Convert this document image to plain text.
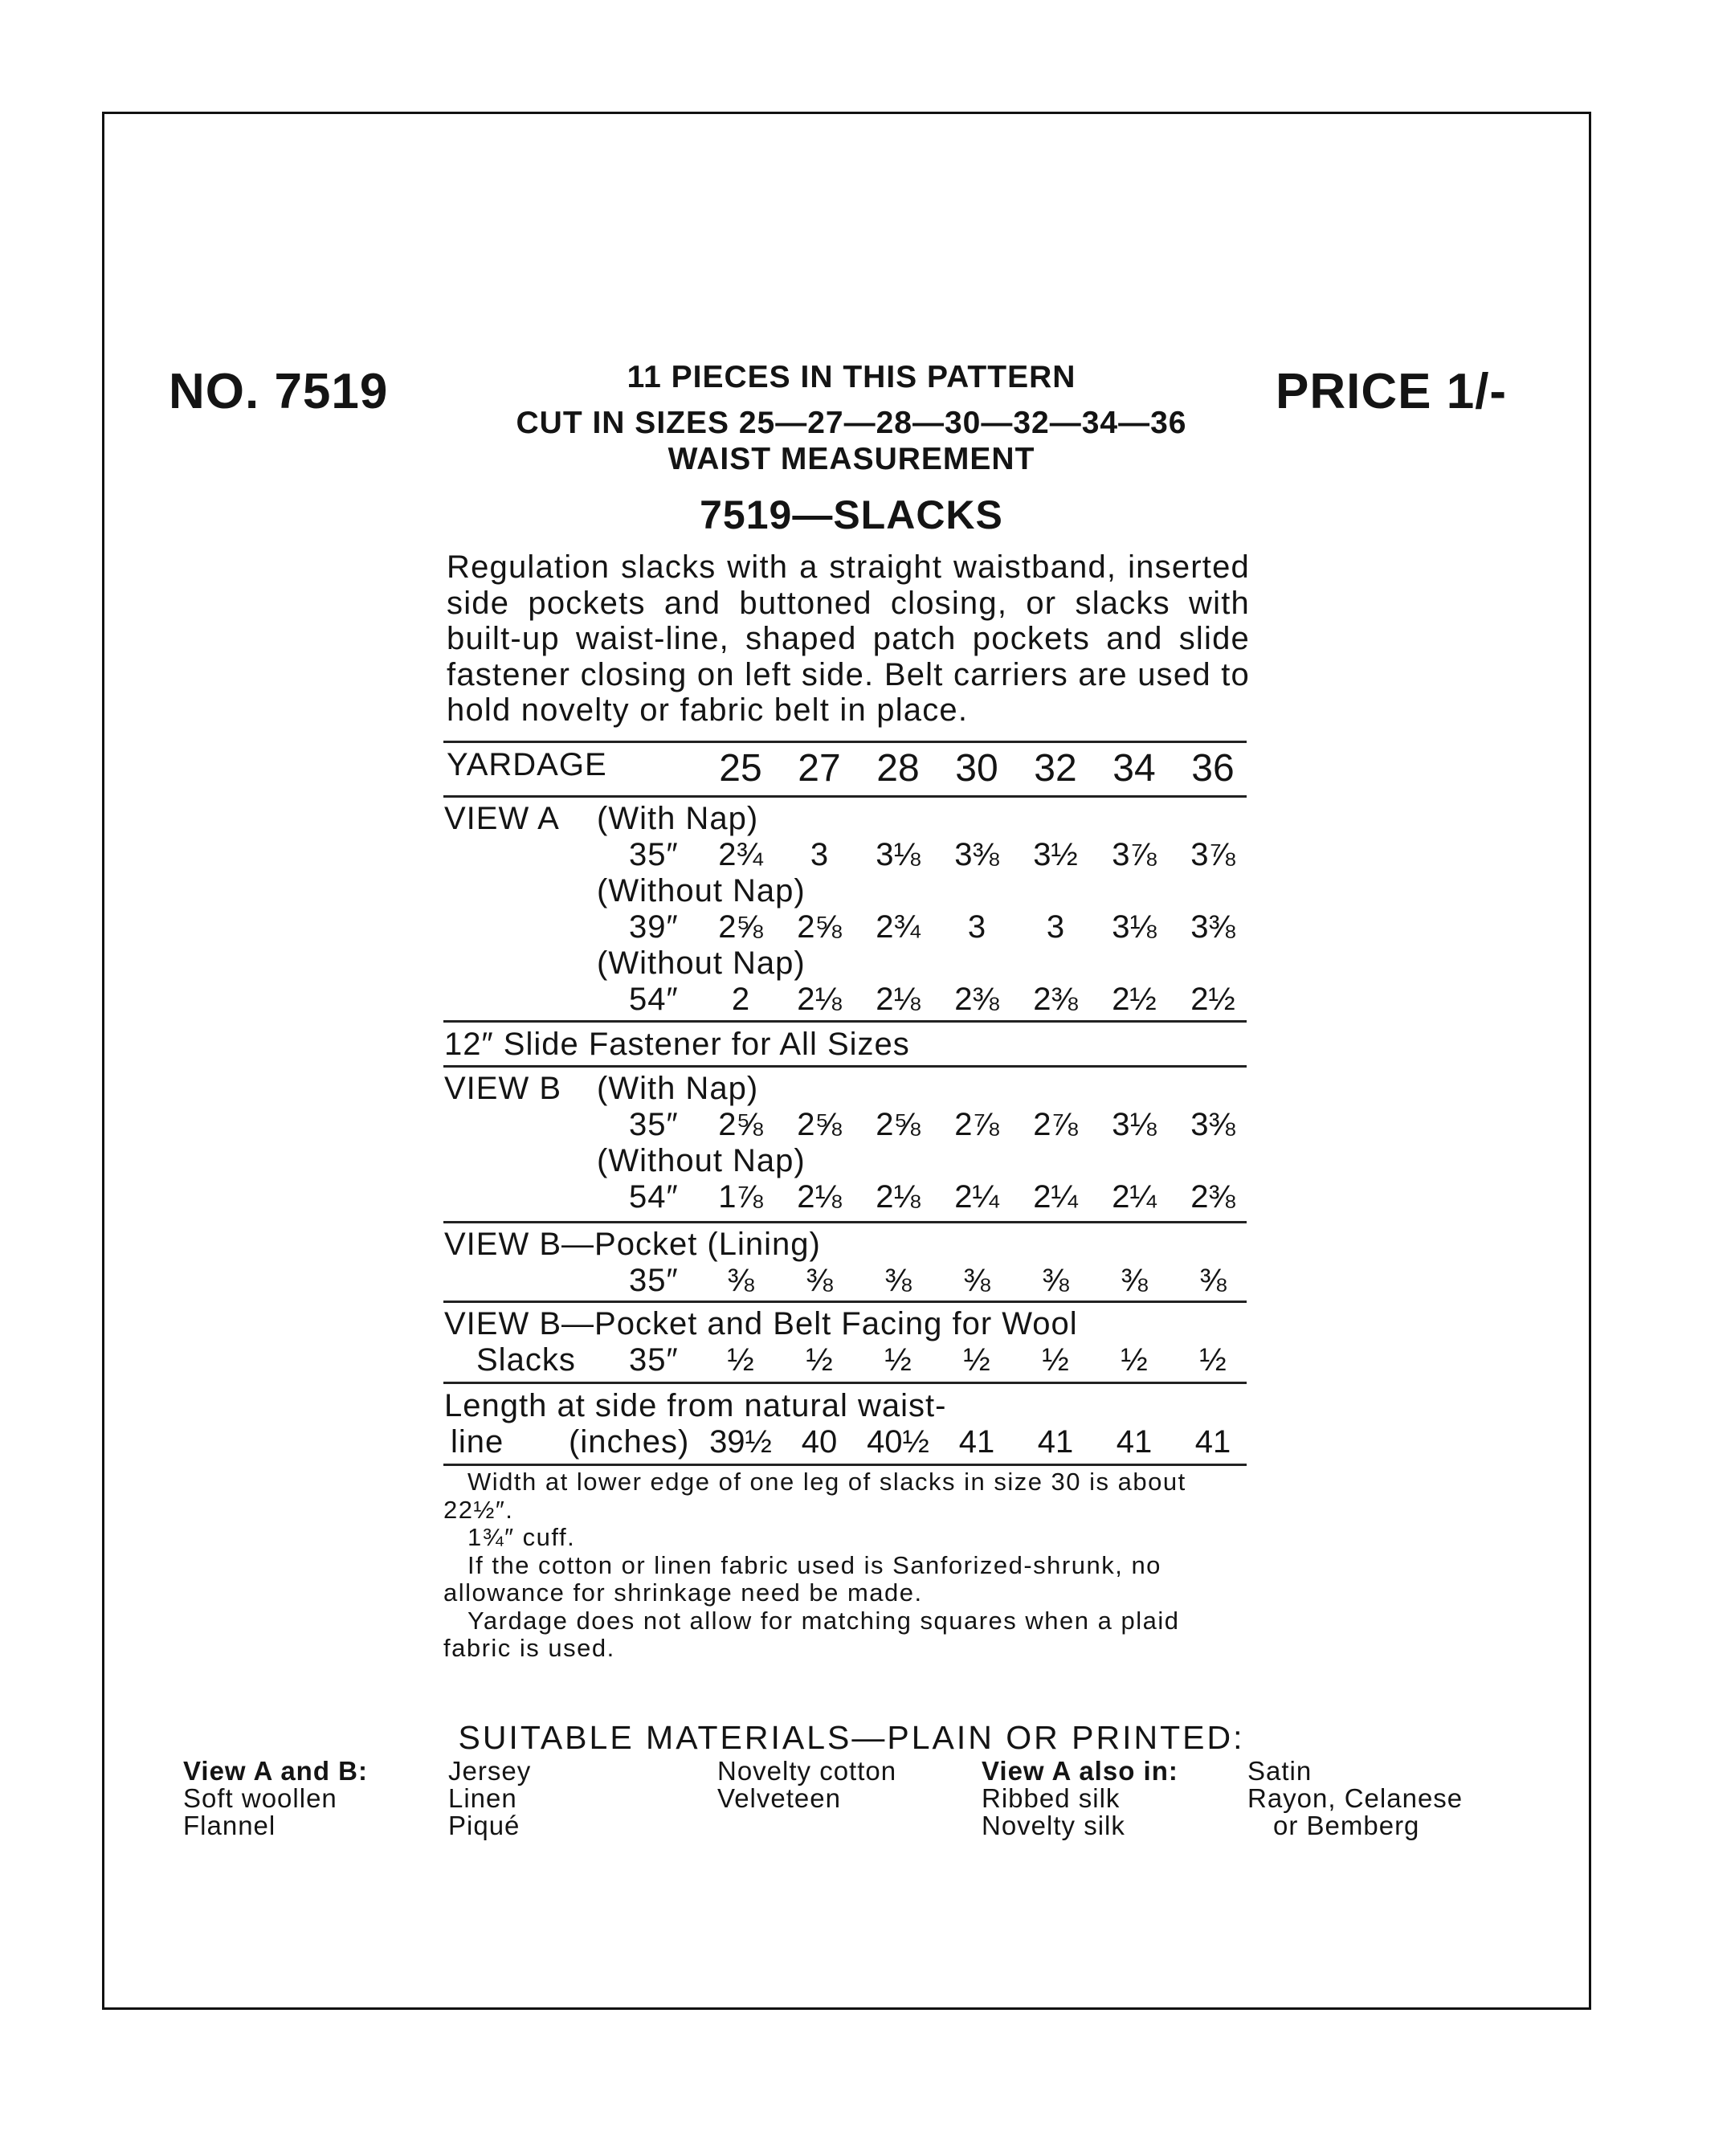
NO. 7519	11 PIECES IN THIS PATTERN
CUT IN SIZES 25—27—28—30—32—34—36
WAIST MEASUREMENT
PRICE 1/-
7519—SLACKS

Regulation slacks with a straight waistband, inserted side pockets and buttoned closing, or slacks with built-up waist-line, shaped patch pockets and slide fastener closing on left side. Belt carriers are used to hold novelty or fabric belt in place.

YARDAGE	25 27 28 30 32 34 36
VIEW A (With Nap)
35″	2¾	3	3⅛	3⅜	3½	3⅞	3⅞
(Without Nap)
39″	2⅝	2⅝	2¾	3	3	3⅛	3⅜
(Without Nap)
54″	2	2⅛	2⅛	2⅜	2⅜	2½	2½
12″ Slide Fastener for All Sizes
VIEW B (With Nap)
35″	2⅝	2⅝	2⅝	2⅞	2⅞	3⅛	3⅜
(Without Nap)
54″	1⅞	2⅛	2⅛	2¼	2¼	2¼	2⅜
VIEW B—Pocket (Lining)
35″	⅜	⅜	⅜	⅜	⅜	⅜	⅜
VIEW B—Pocket and Belt Facing for Wool
Slacks 35″	½	½	½	½	½	½	½
Length at side from natural waist-
line (inches) 39½ 40 40½ 41	41	41	41

Width at lower edge of one leg of slacks in size 30 is about 22½″.

1¾″ cuff.

If the cotton or linen fabric used is Sanforized-shrunk, no allowance for shrinkage need be made.

Yardage does not allow for matching squares when a plaid fabric is used.

SUITABLE MATERIALS—PLAIN OR PRINTED:
View A and B:
Soft woollen
Flannel
Jersey
Linen
Piqué
Novelty cotton
Velveteen
View A also in:
Ribbed silk
Novelty silk
Satin
Rayon, Celanese
or Bemberg
